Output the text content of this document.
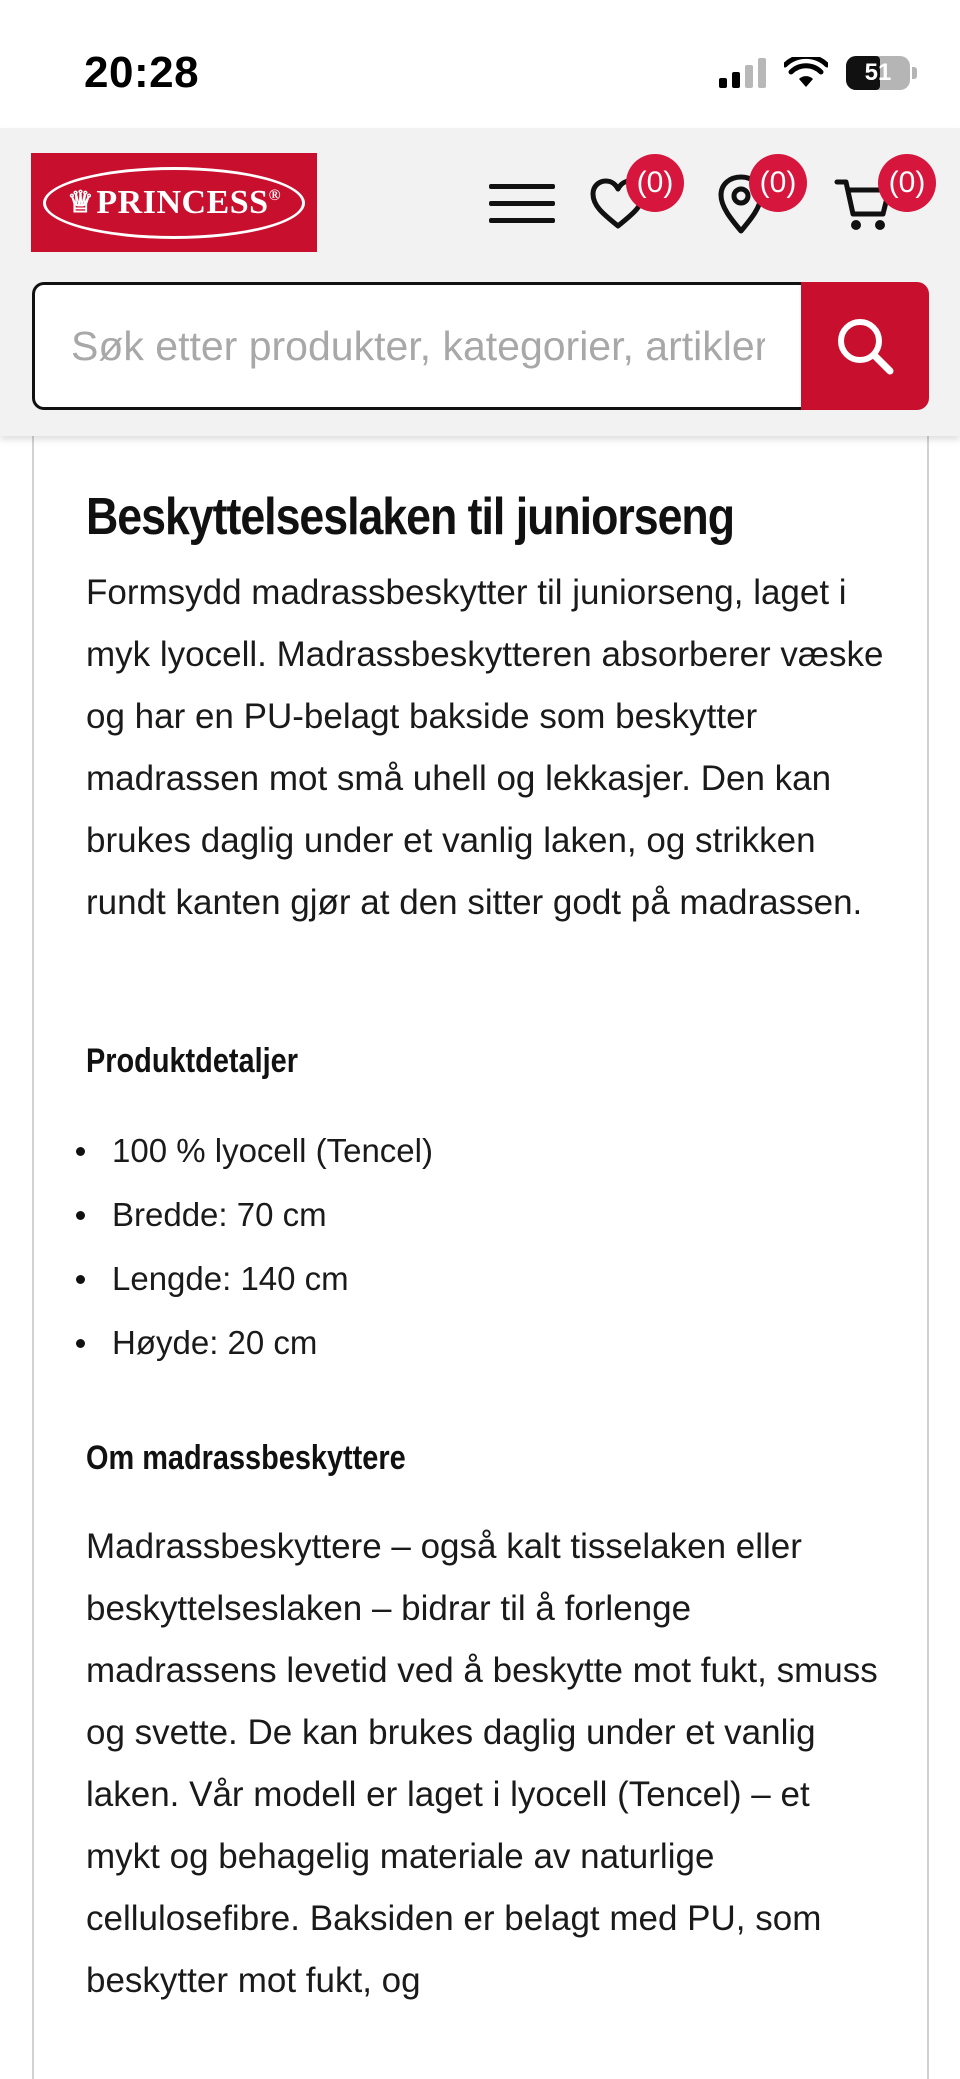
20:28	51
♕ PRINCESS ®	(0)	(0)	(0)
Søk etter produkter, kategorier, artikler
Beskyttelseslaken til juniorseng

Formsydd madrassbeskytter til juniorseng, laget i myk lyocell. Madrassbeskytteren absorberer væske og har en PU-belagt bakside som beskytter madrassen mot små uhell og lekkasjer. Den kan brukes daglig under et vanlig laken, og strikken rundt kanten gjør at den sitter godt på madrassen.

Produktdetaljer
100 % lyocell (Tencel)
Bredde: 70 cm
Lengde: 140 cm
Høyde: 20 cm
Om madrassbeskyttere

Madrassbeskyttere – også kalt tisselaken eller beskyttelseslaken – bidrar til å forlenge madrassens levetid ved å beskytte mot fukt, smuss og svette. De kan brukes daglig under et vanlig laken. Vår modell er laget i lyocell (Tencel) – et mykt og behagelig materiale av naturlige cellulosefibre. Baksiden er belagt med PU, som beskytter mot fukt, og
